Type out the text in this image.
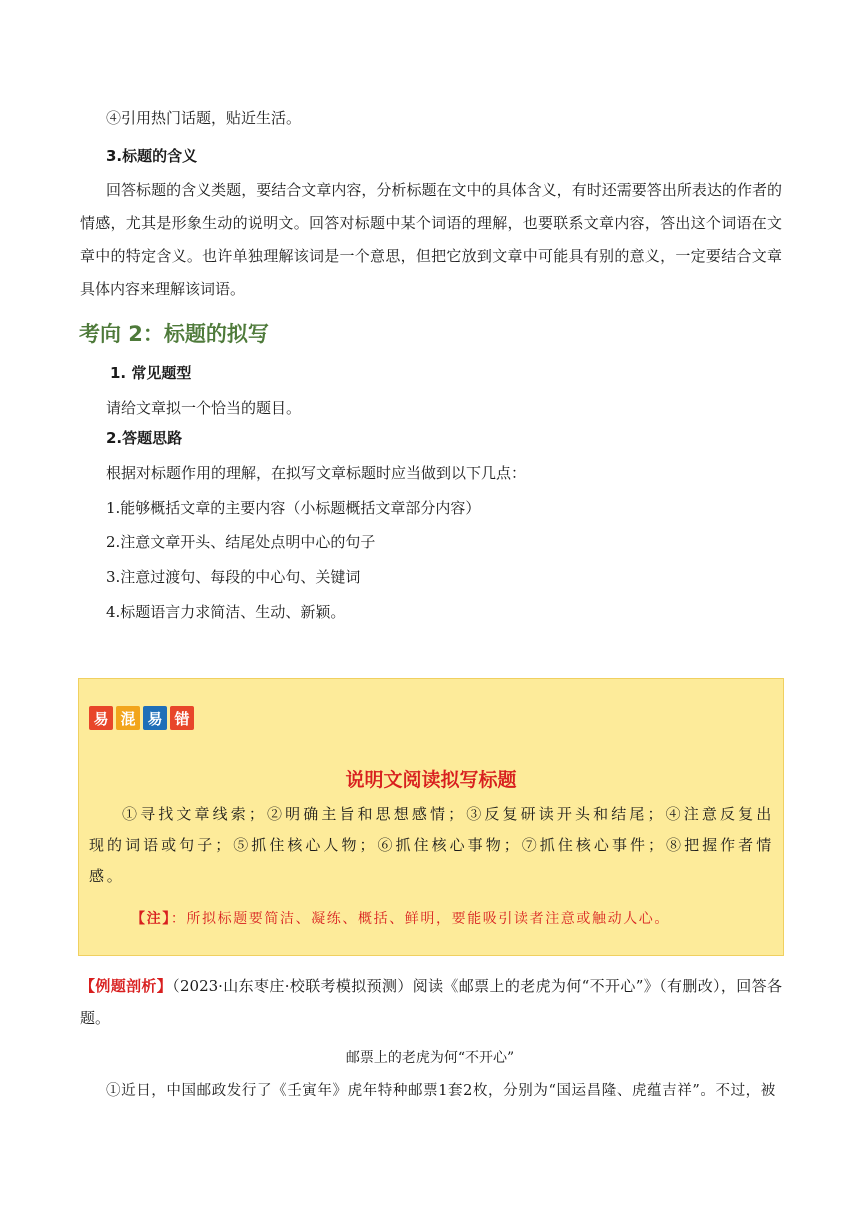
④引用热门话题，贴近生活。
3.标题的含义
回答标题的含义类题，要结合文章内容，分析标题在文中的具体含义，有时还需要答出所表达的作者的情感，尤其是形象生动的说明文。回答对标题中某个词语的理解，也要联系文章内容，答出这个词语在文章中的特定含义。也许单独理解该词是一个意思，但把它放到文章中可能具有别的意义，一定要结合文章具体内容来理解该词语。
考向 2：标题的拟写
1. 常见题型
请给文章拟一个恰当的题目。
2.答题思路
根据对标题作用的理解，在拟写文章标题时应当做到以下几点：
1.能够概括文章的主要内容（小标题概括文章部分内容）
2.注意文章开头、结尾处点明中心的句子
3.注意过渡句、每段的中心句、关键词
4.标题语言力求简洁、生动、新颖。
易 混 易 错
说明文阅读拟写标题
①寻找文章线索；②明确主旨和思想感情；③反复研读开头和结尾；④注意反复出现的词语或句子；⑤抓住核心人物；⑥抓住核心事物；⑦抓住核心事件；⑧把握作者情感。
【注】：所拟标题要简洁、凝练、概括、鲜明，要能吸引读者注意或触动人心。
【例题剖析】（2023·山东枣庄·校联考模拟预测）阅读《邮票上的老虎为何“不开心”》（有删改），回答各题。
邮票上的老虎为何“不开心”
①近日，中国邮政发行了《壬寅年》虎年特种邮票1套2枚，分别为“国运昌隆、虎蕴吉祥”。不过，被
